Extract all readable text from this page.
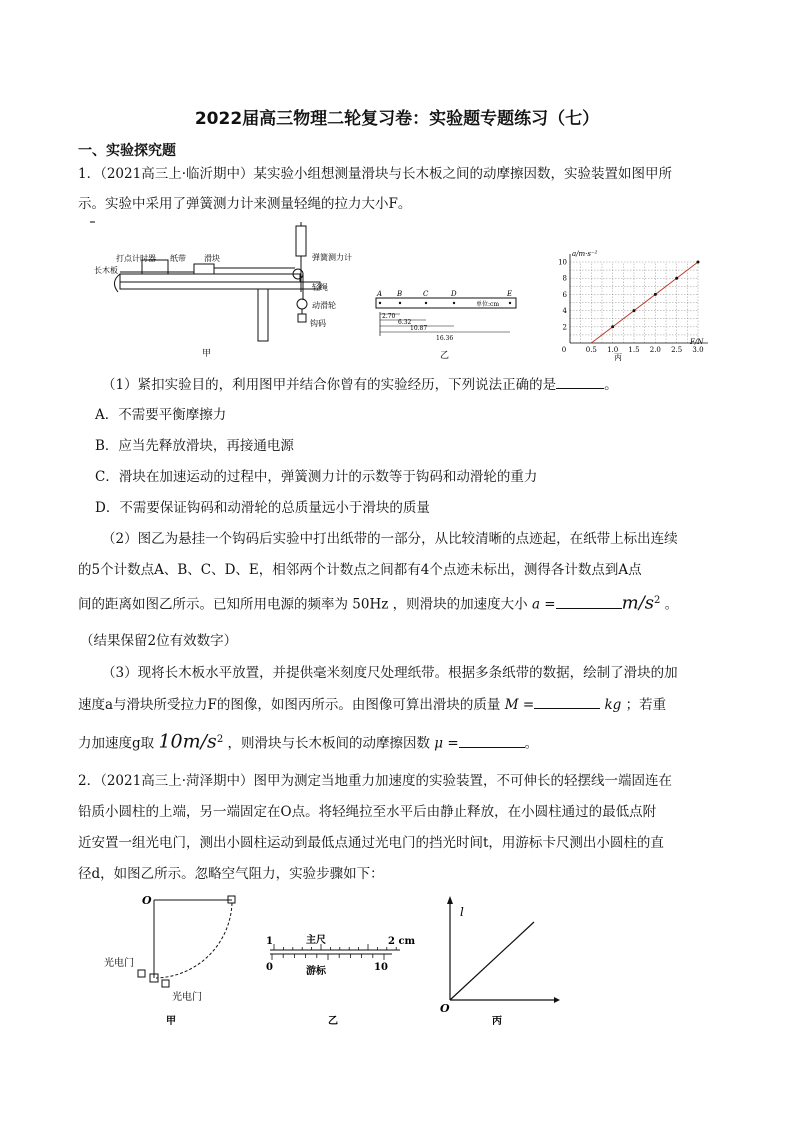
2022届高三物理二轮复习卷：实验题专题练习（七）
一、实验探究题
1．（2021高三上·临沂期中）某实验小组想测量滑块与长木板之间的动摩擦因数，实验装置如图甲所
示。实验中采用了弹簧测力计来测量轻绳的拉力大小F。
打点计时器 纸带 滑块
长木板
弹簧测力计
轻绳
动滑轮
钩码
甲
A B	C	D	E
2.70
6.32
10.87
16.36
单位:cm
乙
2
4
6
8
10
0	0.5 1.0 1.5 2.0 2.5 3.0
a/m·s⁻²
F/N
丙
（1）紧扣实验目的，利用图甲并结合你曾有的实验经历，下列说法正确的是	。
A．不需要平衡摩擦力
B．应当先释放滑块，再接通电源
C．滑块在加速运动的过程中，弹簧测力计的示数等于钩码和动滑轮的重力
D．不需要保证钩码和动滑轮的总质量远小于滑块的质量
（2）图乙为悬挂一个钩码后实验中打出纸带的一部分，从比较清晰的点迹起，在纸带上标出连续
的5个计数点A、B、C、D、E，相邻两个计数点之间都有4个点迹未标出，测得各计数点到A点
间的距离如图乙所示。已知所用电源的频率为 50Hz ，则滑块的加速度大小 a =	$m/s^2$ 。
（结果保留2位有效数字）
（3）现将长木板水平放置，并提供毫米刻度尺处理纸带。根据多条纸带的数据，绘制了滑块的加
速度a与滑块所受拉力F的图像，如图丙所示。由图像可算出滑块的质量 M =	kg ；若重
力加速度g取 $10m/s^2$ ，则滑块与长木板间的动摩擦因数 μ =	。
2．（2021高三上·菏泽期中）图甲为测定当地重力加速度的实验装置，不可伸长的轻摆线一端固连在
铅质小圆柱的上端，另一端固定在O点。将轻绳拉至水平后由静止释放，在小圆柱通过的最低点附
近安置一组光电门，测出小圆柱运动到最低点通过光电门的挡光时间t，用游标卡尺测出小圆柱的直
径d，如图乙所示。忽略空气阻力，实验步骤如下：
O
光电门
光电门
甲
1	2 cm
主尺
0	10
游标
乙
O
l
丙
